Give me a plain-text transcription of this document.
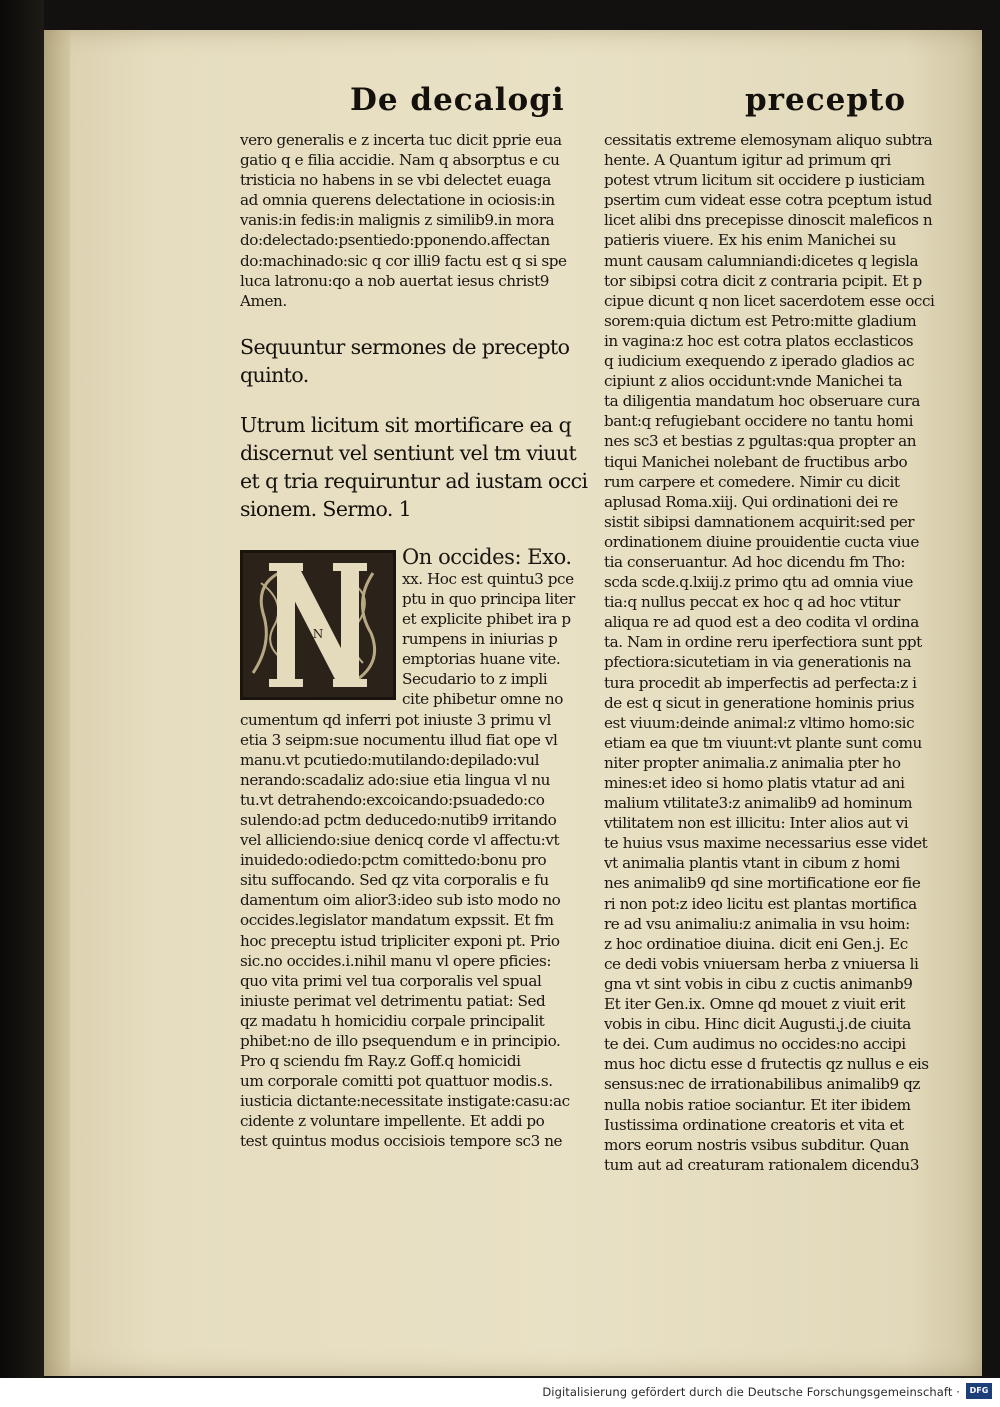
De decalogi	precepto
vero generalis e z incerta tuc dicit pprie eua
gatio q e filia accidie. Nam q absorptus e cu
tristicia no habens in se vbi delectet euaga
ad omnia querens delectatione in ociosis:in
vanis:in fedis:in malignis z similib9.in mora
do:delectado:psentiedo:pponendo.affectan
do:machinado:sic q cor illi9 factu est q si spe
luca latronu:qo a nob auertat iesus christ9
Amen.
Sequuntur sermones de precepto
quinto.
Utrum licitum sit mortificare ea q
discernut vel sentiunt vel tm viuut
et q tria requiruntur ad iustam occi
sionem. Sermo. 1
N
On occides: Exo.
xx. Hoc est quintu3 pce
ptu in quo principa liter
et explicite phibet ira p
rumpens in iniurias p
emptorias huane vite.
Secudario to z impli
cite phibetur omne no
cumentum qd inferri pot iniuste 3 primu vl
etia 3 seipm:sue nocumentu illud fiat ope vl
manu.vt pcutiedo:mutilando:depilado:vul
nerando:scadaliz ado:siue etia lingua vl nu
tu.vt detrahendo:excoicando:psuadedo:co
sulendo:ad pctm deducedo:nutib9 irritando
vel alliciendo:siue denicq corde vl affectu:vt
inuidedo:odiedo:pctm comittedo:bonu pro
situ suffocando. Sed qz vita corporalis e fu
damentum oim alior3:ideo sub isto modo no
occides.legislator mandatum expssit. Et fm
hoc preceptu istud tripliciter exponi pt. Prio
sic.no occides.i.nihil manu vl opere pficies:
quo vita primi vel tua corporalis vel spual
iniuste perimat vel detrimentu patiat: Sed
qz madatu h homicidiu corpale principalit
phibet:no de illo psequendum e in principio.
Pro q sciendu fm Ray.z Goff.q homicidi
um corporale comitti pot quattuor modis.s.
iusticia dictante:necessitate instigate:casu:ac
cidente z voluntare impellente. Et addi po
test quintus modus occisiois tempore sc3 ne
cessitatis extreme elemosynam aliquo subtra
hente. A Quantum igitur ad primum qri
potest vtrum licitum sit occidere p iusticiam
psertim cum videat esse cotra pceptum istud
licet alibi dns precepisse dinoscit maleficos n
patieris viuere. Ex his enim Manichei su
munt causam calumniandi:dicetes q legisla
tor sibipsi cotra dicit z contraria pcipit. Et p
cipue dicunt q non licet sacerdotem esse occi
sorem:quia dictum est Petro:mitte gladium
in vagina:z hoc est cotra platos ecclasticos
q iudicium exequendo z iperado gladios ac
cipiunt z alios occidunt:vnde Manichei ta
ta diligentia mandatum hoc obseruare cura
bant:q refugiebant occidere no tantu homi
nes sc3 et bestias z pgultas:qua propter an
tiqui Manichei nolebant de fructibus arbo
rum carpere et comedere. Nimir cu dicit
aplusad Roma.xiij. Qui ordinationi dei re
sistit sibipsi damnationem acquirit:sed per
ordinationem diuine prouidentie cucta viue
tia conseruantur. Ad hoc dicendu fm Tho:
scda scde.q.lxiij.z primo qtu ad omnia viue
tia:q nullus peccat ex hoc q ad hoc vtitur
aliqua re ad quod est a deo codita vl ordina
ta. Nam in ordine reru iperfectiora sunt ppt
pfectiora:sicutetiam in via generationis na
tura procedit ab imperfectis ad perfecta:z i
de est q sicut in generatione hominis prius
est viuum:deinde animal:z vltimo homo:sic
etiam ea que tm viuunt:vt plante sunt comu
niter propter animalia.z animalia pter ho
mines:et ideo si homo platis vtatur ad ani
malium vtilitate3:z animalib9 ad hominum
vtilitatem non est illicitu: Inter alios aut vi
te huius vsus maxime necessarius esse videt
vt animalia plantis vtant in cibum z homi
nes animalib9 qd sine mortificatione eor fie
ri non pot:z ideo licitu est plantas mortifica
re ad vsu animaliu:z animalia in vsu hoim:
z hoc ordinatioe diuina. dicit eni Gen.j. Ec
ce dedi vobis vniuersam herba z vniuersa li
gna vt sint vobis in cibu z cuctis animanb9
Et iter Gen.ix. Omne qd mouet z viuit erit
vobis in cibu. Hinc dicit Augusti.j.de ciuita
te dei. Cum audimus no occides:no accipi
mus hoc dictu esse d frutectis qz nullus e eis
sensus:nec de irrationabilibus animalib9 qz
nulla nobis ratioe sociantur. Et iter ibidem
Iustissima ordinatione creatoris et vita et
mors eorum nostris vsibus subditur. Quan
tum aut ad creaturam rationalem dicendu3
Digitalisierung gefördert durch die Deutsche Forschungsgemeinschaft ·	DFG
